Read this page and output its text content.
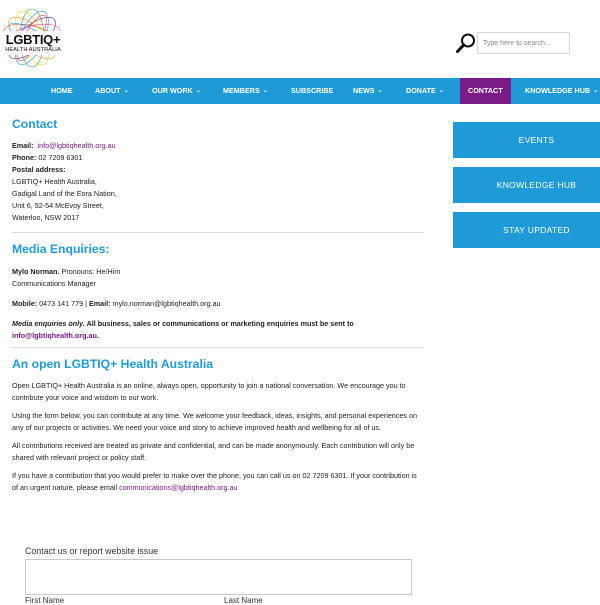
LGBTIQ+
HEALTH AUSTRALIA
Type here to search...
HOME	ABOUT ⌄	OUR WORK ⌄	MEMBERS ⌄	SUBSCRIBE	NEWS ⌄	DONATE ⌄	CONTACT	KNOWLEDGE HUB ⌄
Contact
Email: info@lgbtiqhealth.org.au
Phone: 02 7209 6301
Postal address:
LGBTIQ+ Health Australia,
Gadigal Land of the Eora Nation,
Unit 6, 52-54 McEvoy Street,
Waterloo, NSW 2017
Media Enquiries:
Mylo Norman. Pronouns: He/Him
Communications Manager
Mobile: 0473 141 779 | Email: mylo.norman@lgbtiqhealth.org.au
Media enquiries only. All business, sales or communications or marketing enquiries must be sent to
info@lgbtiqhealth.org.au.
An open LGBTIQ+ Health Australia
Open LGBTIQ+ Health Australia is an online, always open, opportunity to join a national conversation. We encourage you to contribute your voice and wisdom to our work.
Using the form below, you can contribute at any time. We welcome your feedback, ideas, insights, and personal experiences on any of our projects or activities. We need your voice and story to achieve improved health and wellbeing for all of us.
All contributions received are treated as private and confidential, and can be made anonymously. Each contribution will only be shared with relevant project or policy staff.
If you have a contribution that you would prefer to make over the phone, you can call us on 02 7209 6301. If your contribution is of an urgent nature, please email communications@lgbtiqhealth.org.au
EVENTS
KNOWLEDGE HUB
STAY UPDATED
Contact us or report website issue
First Name	Last Name
